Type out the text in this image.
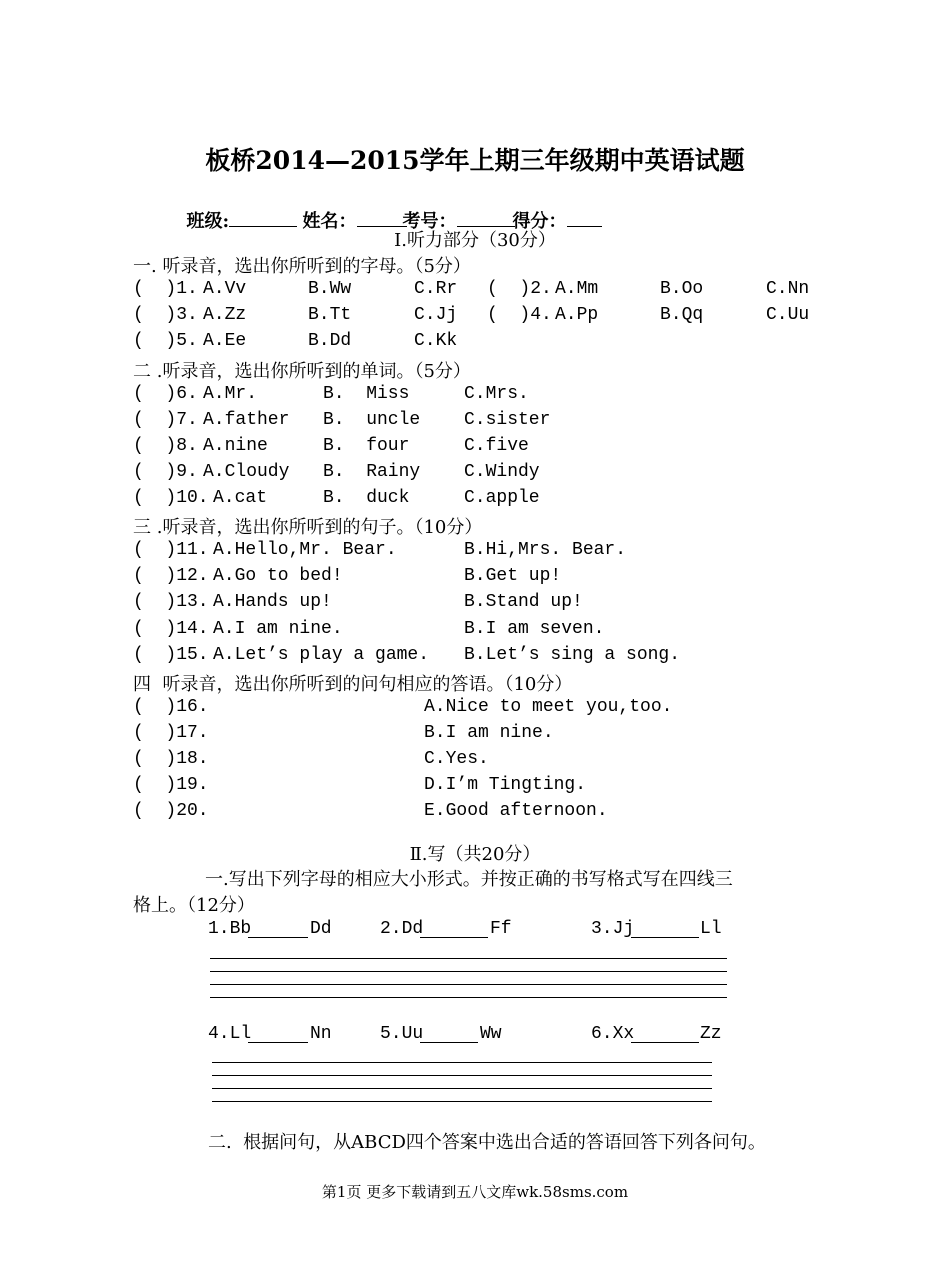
板桥2014—2015学年上期三年级期中英语试题

班级:	姓名：	考号：	得分：

Ⅰ.听力部分（30分）
一. 听录音，选出你所听到的字母。（5分）
(  )1. A.Vv	B.Ww	C.Rr (  )2. A.Mm	B.Oo	C.Nn
(  )3. A.Zz	B.Tt	C.Jj (  )4. A.Pp	B.Qq	C.Uu
(  )5. A.Ee	B.Dd	C.Kk
二 .听录音，选出你所听到的单词。（5分）
(  )6. A.Mr.	B.  Miss	C.Mrs.
(  )7. A.father B.  uncle C.sister
(  )8. A.nine	B.  four	C.five
(  )9. A.Cloudy B.  Rainy C.Windy
(  )10. A.cat	B.  duck	C.apple
三 .听录音，选出你所听到的句子。（10分）
(  )11. A.Hello,Mr. Bear.	B.Hi,Mrs. Bear.
(  )12. A.Go to bed!	B.Get up!
(  )13. A.Hands up!	B.Stand up!
(  )14. A.I am nine.	B.I am seven.
(  )15. A.Let’s play a game. B.Let’s sing a song.
四  听录音，选出你所听到的问句相应的答语。（10分）
(  )16.	A.Nice to meet you,too.
(  )17.	B.I am nine.
(  )18.	C.Yes.
(  )19.	D.I’m Tingting.
(  )20.	E.Good afternoon.
Ⅱ.写（共20分）
一.写出下列字母的相应大小形式。并按正确的书写格式写在四线三
格上。（12分）
1.Bb	Dd	2.Dd	Ff	3.Jj	Ll
4.Ll	Nn	5.Uu	Ww	6.Xx	Zz
二.  根据问句，从ABCD四个答案中选出合适的答语回答下列各问句。
第1页 更多下载请到五八文库wk.58sms.com
